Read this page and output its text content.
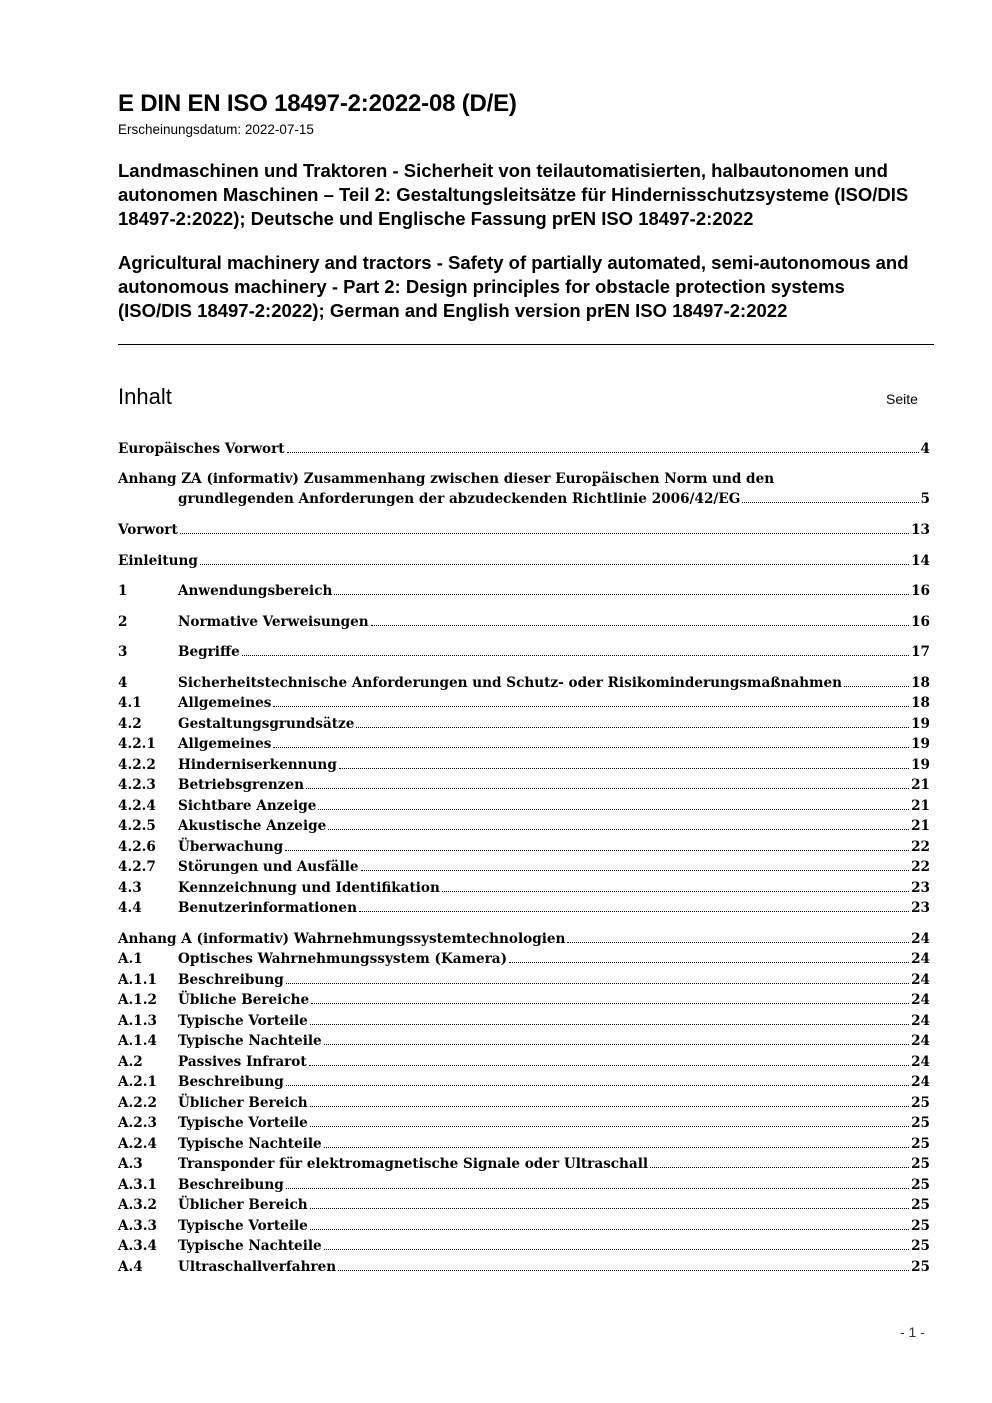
E DIN EN ISO 18497-2:2022-08 (D/E)
Erscheinungsdatum: 2022-07-15
Landmaschinen und Traktoren - Sicherheit von teilautomatisierten, halbautonomen und autonomen Maschinen – Teil 2: Gestaltungsleitsätze für Hindernisschutzsysteme (ISO/DIS 18497-2:2022); Deutsche und Englische Fassung prEN ISO 18497-2:2022
Agricultural machinery and tractors - Safety of partially automated, semi-autonomous and autonomous machinery - Part 2: Design principles for obstacle protection systems (ISO/DIS 18497-2:2022); German and English version prEN ISO 18497-2:2022
Inhalt	Seite
Europäisches Vorwort	4
Anhang ZA (informativ) Zusammenhang zwischen dieser Europäischen Norm und den
grundlegenden Anforderungen der abzudeckenden Richtlinie 2006/42/EG	5
Vorwort	13
Einleitung	14
1	Anwendungsbereich	16
2	Normative Verweisungen	16
3	Begriffe	17
4	Sicherheitstechnische Anforderungen und Schutz- oder Risikominderungsmaßnahmen	18
4.1	Allgemeines	18
4.2	Gestaltungsgrundsätze	19
4.2.1	Allgemeines	19
4.2.2	Hinderniserkennung	19
4.2.3	Betriebsgrenzen	21
4.2.4	Sichtbare Anzeige	21
4.2.5	Akustische Anzeige	21
4.2.6	Überwachung	22
4.2.7	Störungen und Ausfälle	22
4.3	Kennzeichnung und Identifikation	23
4.4	Benutzerinformationen	23
Anhang A (informativ) Wahrnehmungssystemtechnologien	24
A.1	Optisches Wahrnehmungssystem (Kamera)	24
A.1.1	Beschreibung	24
A.1.2	Übliche Bereiche	24
A.1.3	Typische Vorteile	24
A.1.4	Typische Nachteile	24
A.2	Passives Infrarot	24
A.2.1	Beschreibung	24
A.2.2	Üblicher Bereich	25
A.2.3	Typische Vorteile	25
A.2.4	Typische Nachteile	25
A.3	Transponder für elektromagnetische Signale oder Ultraschall	25
A.3.1	Beschreibung	25
A.3.2	Üblicher Bereich	25
A.3.3	Typische Vorteile	25
A.3.4	Typische Nachteile	25
A.4	Ultraschallverfahren	25
- 1 -
